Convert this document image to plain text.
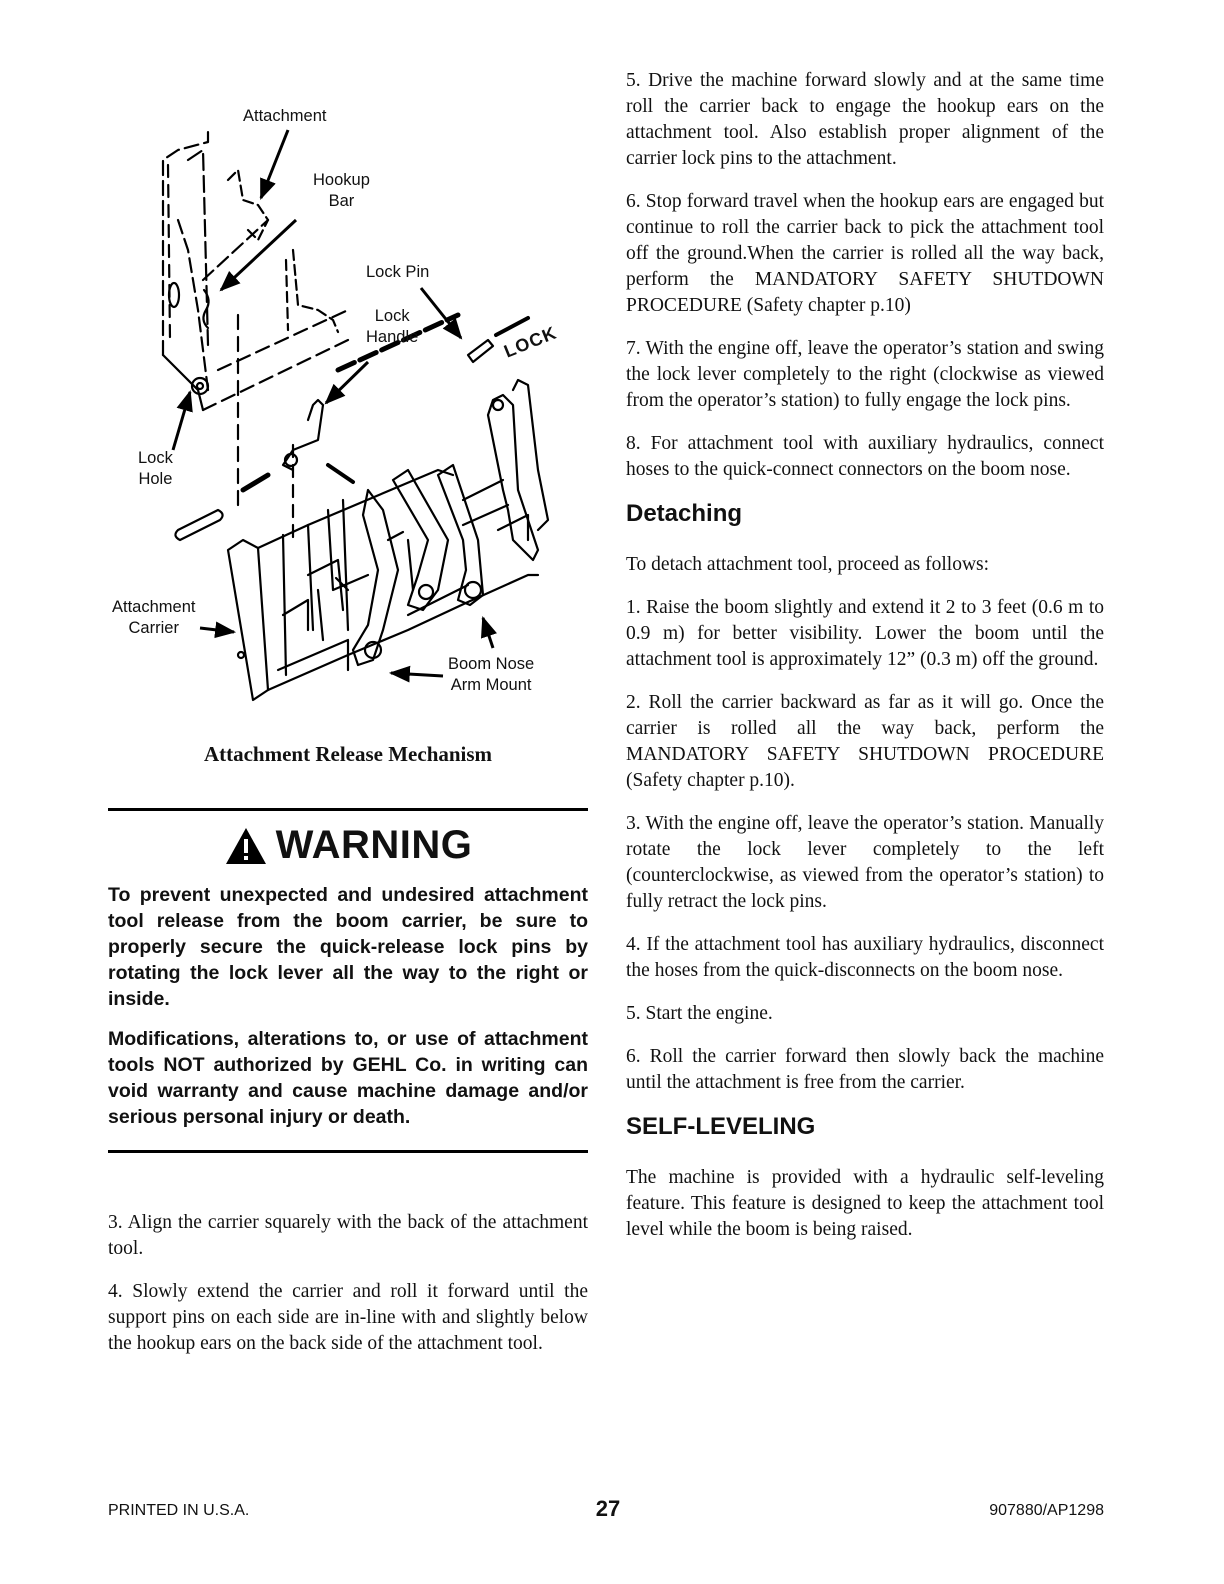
Attachment
Hookup
Bar
Lock Pin
Lock
Handle	LOCK
Lock
Hole
Attachment
Carrier
Boom Nose
Arm Mount
Attachment Release Mechanism
WARNING

To prevent unexpected and undesired attachment tool release from the boom carrier, be sure to properly secure the quick-release lock pins by rotating the lock lever all the way to the right or inside.

Modifications, alterations to, or use of attachment tools NOT authorized by GEHL Co. in writing can void warranty and cause machine damage and/or serious personal injury or death.

3. Align the carrier squarely with the back of the attachment tool.

4. Slowly extend the carrier and roll it forward until the support pins on each side are in-line with and slightly below the hookup ears on the back side of the attachment tool.

5. Drive the machine forward slowly and at the same time roll the carrier back to engage the hookup ears on the attachment tool. Also establish proper alignment of the carrier lock pins to the attachment.

6. Stop forward travel when the hookup ears are engaged but continue to roll the carrier back to pick the attachment tool off the ground.When the carrier is rolled all the way back, perform the MANDATORY SAFETY SHUTDOWN PROCEDURE (Safety chapter p.10)

7. With the engine off, leave the operator’s station and swing the lock lever completely to the right (clockwise as viewed from the operator’s station) to fully engage the lock pins.

8. For attachment tool with auxiliary hydraulics, connect hoses to the quick-connect connectors on the boom nose.

Detaching

To detach attachment tool, proceed as follows:

1. Raise the boom slightly and extend it 2 to 3 feet (0.6 m to 0.9 m) for better visibility. Lower the boom until the attachment tool is approximately 12” (0.3 m) off the ground.

2. Roll the carrier backward as far as it will go. Once the carrier is rolled all the way back, perform the MANDATORY SAFETY SHUTDOWN PROCEDURE (Safety chapter p.10).

3. With the engine off, leave the operator’s station. Manually rotate the lock lever completely to the left (counterclockwise, as viewed from the operator’s station) to fully retract the lock pins.

4. If the attachment tool has auxiliary hydraulics, disconnect the hoses from the quick-disconnects on the boom nose.

5. Start the engine.

6. Roll the carrier forward then slowly back the machine until the attachment is free from the carrier.

SELF-LEVELING

The machine is provided with a hydraulic self-leveling feature. This feature is designed to keep the attachment tool level while the boom is being raised.

PRINTED IN U.S.A.	27	907880/AP1298
